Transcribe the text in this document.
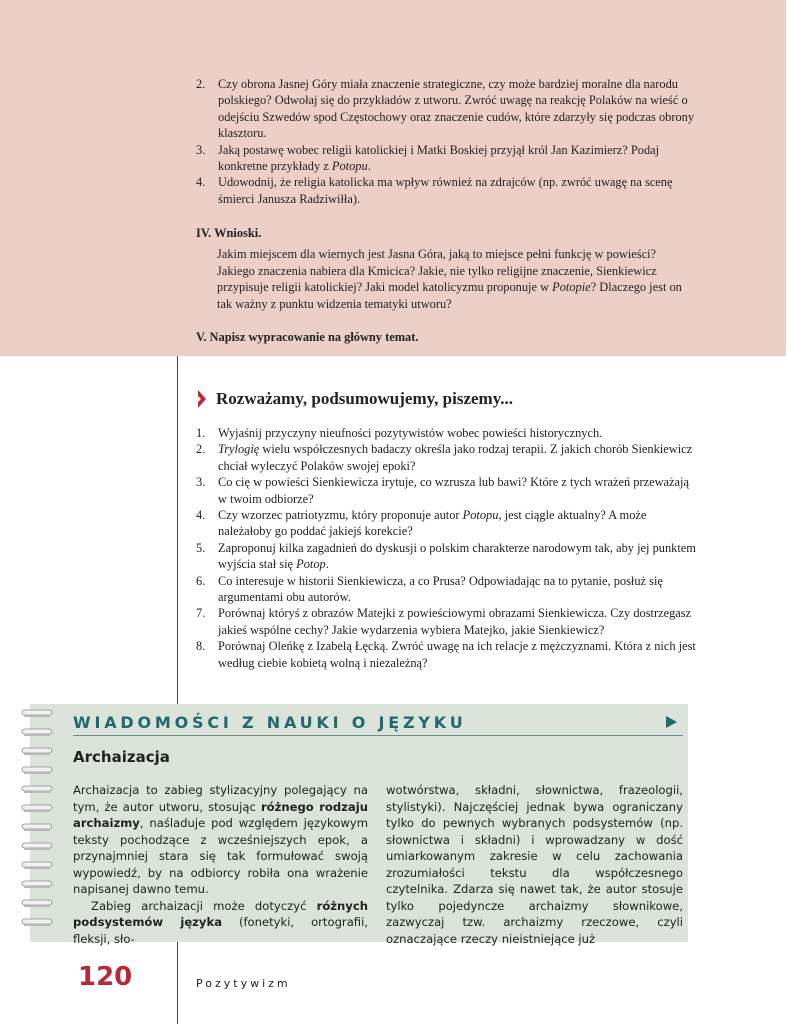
2. Czy obrona Jasnej Góry miała znaczenie strategiczne, czy może bardziej moralne dla narodu polskiego? Odwołaj się do przykładów z utworu. Zwróć uwagę na reakcję Polaków na wieść o odejściu Szwedów spod Częstochowy oraz znaczenie cudów, które zdarzyły się podczas obrony klasztoru.
3. Jaką postawę wobec religii katolickiej i Matki Boskiej przyjął król Jan Kazimierz? Podaj konkretne przykłady z Potopu.
4. Udowodnij, że religia katolicka ma wpływ również na zdrajców (np. zwróć uwagę na scenę śmierci Janusza Radziwiłła).
IV. Wnioski.

Jakim miejscem dla wiernych jest Jasna Góra, jaką to miejsce pełni funkcję w powieści? Jakiego znaczenia nabiera dla Kmicica? Jakie, nie tylko religijne znaczenie, Sienkiewicz przypisuje religii katolickiej? Jaki model katolicyzmu proponuje w Potopie? Dlaczego jest on tak ważny z punktu widzenia tematyki utworu?

V. Napisz wypracowanie na główny temat.
Rozważamy, podsumowujemy, piszemy...
1. Wyjaśnij przyczyny nieufności pozytywistów wobec powieści historycznych.
2. Trylogię wielu współczesnych badaczy określa jako rodzaj terapii. Z jakich chorób Sienkiewicz chciał wyleczyć Polaków swojej epoki?
3. Co cię w powieści Sienkiewicza irytuje, co wzrusza lub bawi? Które z tych wrażeń przeważają w twoim odbiorze?
4. Czy wzorzec patriotyzmu, który proponuje autor Potopu, jest ciągle aktualny? A może należałoby go poddać jakiejś korekcie?
5. Zaproponuj kilka zagadnień do dyskusji o polskim charakterze narodowym tak, aby jej punktem wyjścia stał się Potop.
6. Co interesuje w historii Sienkiewicza, a co Prusa? Odpowiadając na to pytanie, posłuż się argumentami obu autorów.
7. Porównaj któryś z obrazów Matejki z powieściowymi obrazami Sienkiewicza. Czy dostrzegasz jakieś wspólne cechy? Jakie wydarzenia wybiera Matejko, jakie Sienkiewicz?
8. Porównaj Oleńkę z Izabelą Łęcką. Zwróć uwagę na ich relacje z mężczyznami. Która z nich jest według ciebie kobietą wolną i niezależną?
WIADOMOŚCI Z NAUKI O JĘZYKU
Archaizacja

Archaizacja to zabieg stylizacyjny polegający na tym, że autor utworu, stosując różnego rodzaju archaizmy, naśladuje pod względem językowym teksty pochodzące z wcześniejszych epok, a przynajmniej stara się tak formułować swoją wypowiedź, by na odbiorcy robiła ona wrażenie napisanej dawno temu.

Zabieg archaizacji może dotyczyć różnych podsystemów języka (fonetyki, ortografii, fleksji, sło-

wotwórstwa, składni, słownictwa, frazeologii, stylistyki). Najczęściej jednak bywa ograniczany tylko do pewnych wybranych podsystemów (np. słownictwa i składni) i wprowadzany w dość umiarkowanym zakresie w celu zachowania zrozumiałości tekstu dla współczesnego czytelnika. Zdarza się nawet tak, że autor stosuje tylko pojedyncze archaizmy słownikowe, zazwyczaj tzw. archaizmy rzeczowe, czyli oznaczające rzeczy nieistniejące już

120	Pozytywizm
